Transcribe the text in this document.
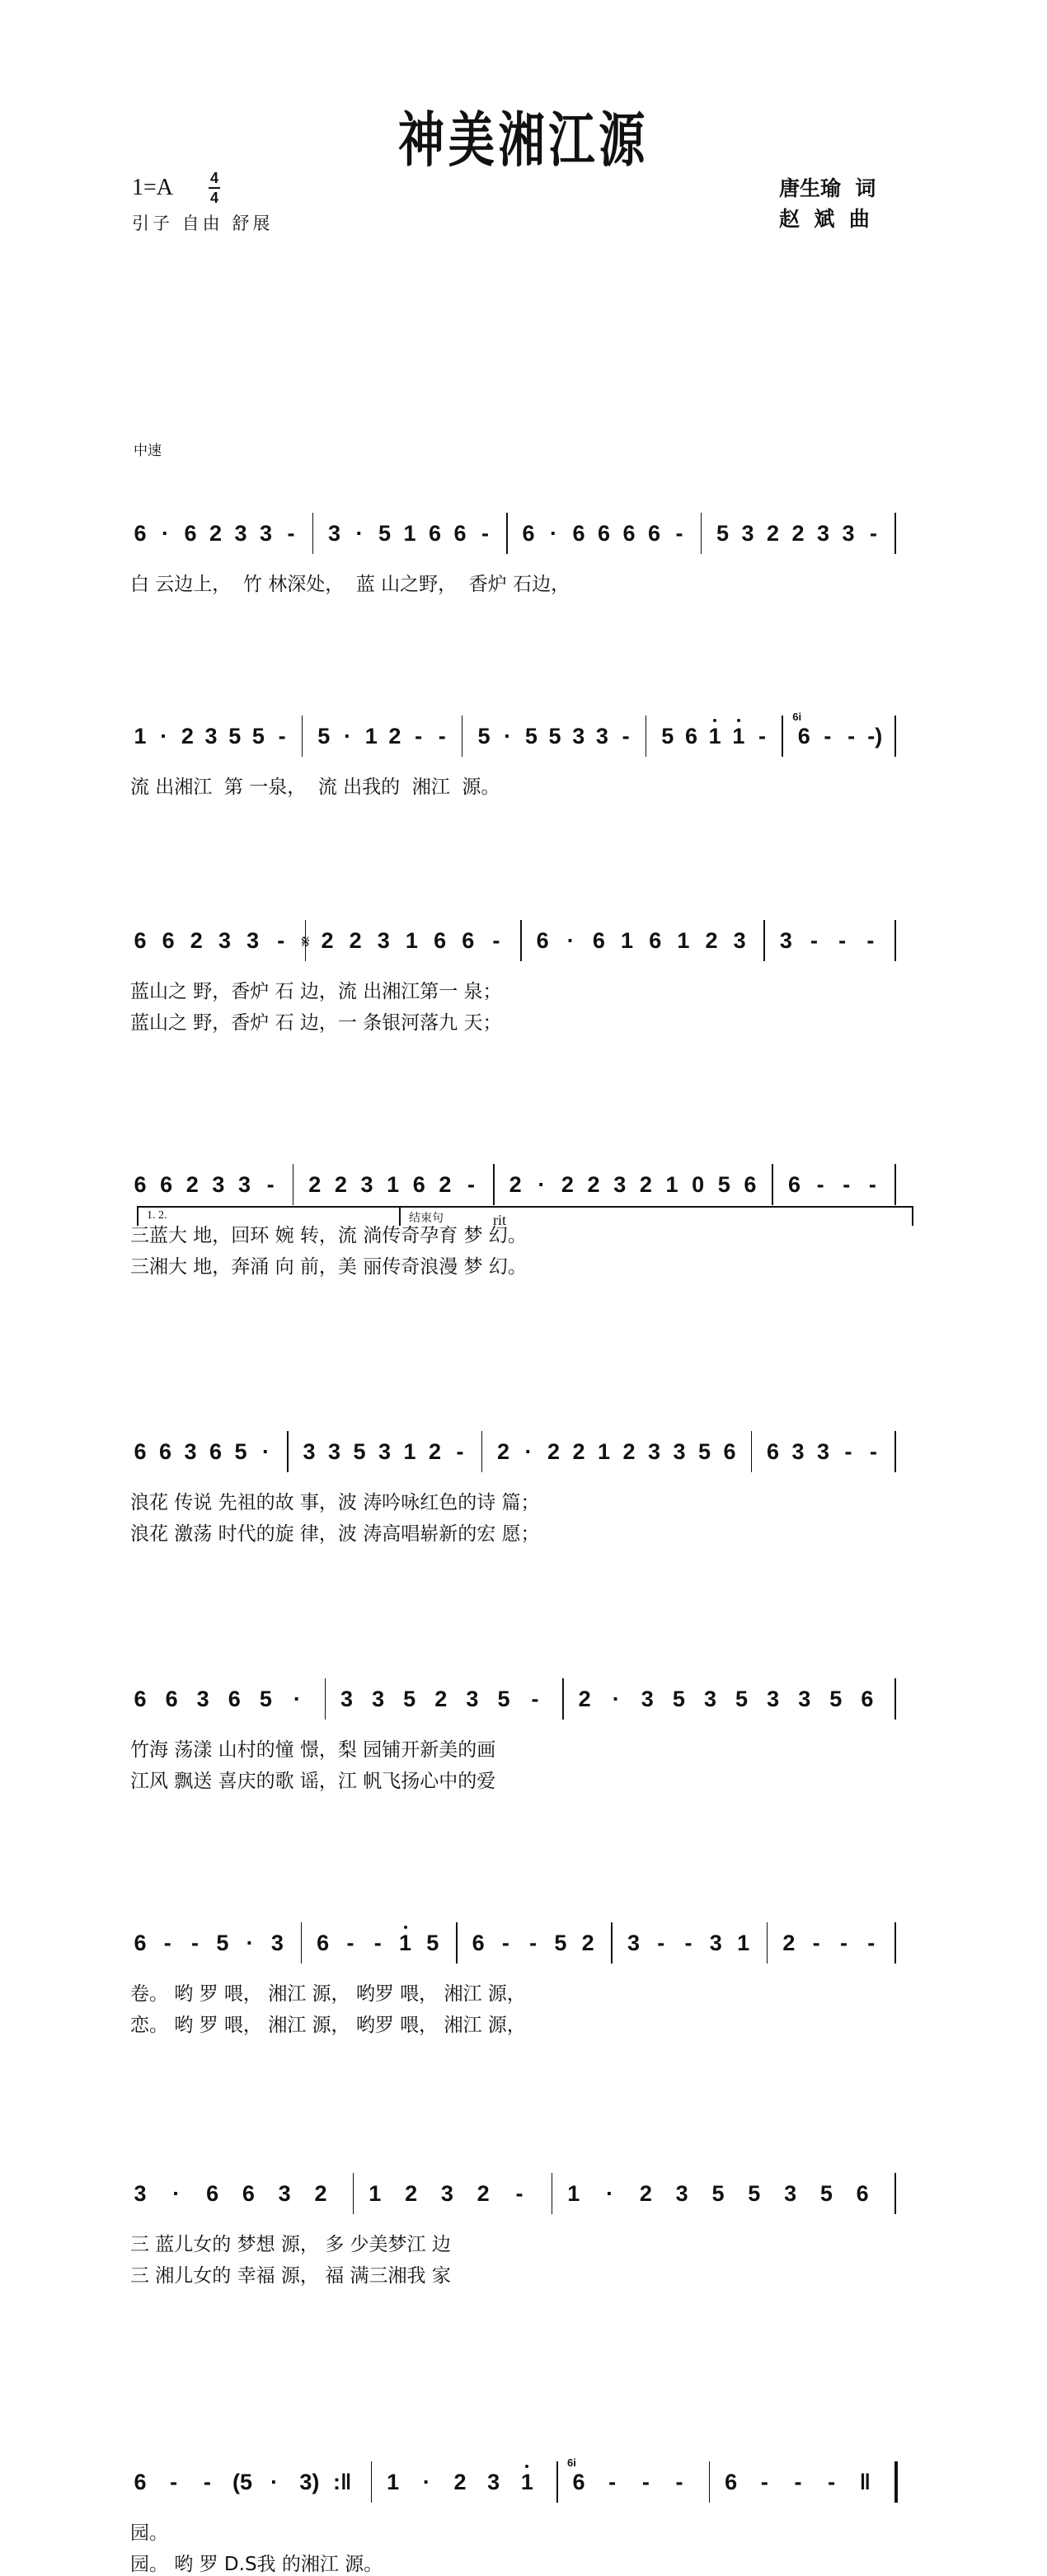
神美湘江源
1=A 4
4
引子 自由 舒展
唐生瑜  词
赵  斌  曲
6 · 6 2 3 3 - 3 · 5 1 6 6 - 6 · 6 6 6 6 - 5 3 2 2 3 3 -
白 云边上，  竹 林深处，  蓝 山之野，  香炉 石边，
1 · 2 3 5 5 - 5 · 1 2 - - 5 · 5 5 3 3 - 5 6 1 1 -
6i
6 - - -)
流 出湘江  第 一泉，  流 出我的  湘江  源。
6 6 2 3 3 - 2 2 3 1 6 6 - 6 · 6 1 6 1 2 3 3 - - -
蓝山之 野，香炉 石 边，流 出湘江第一 泉；
蓝山之 野，香炉 石 边，一 条银河落九 天；
6 6 2 3 3 - 2 2 3 1 6 2 - 2 · 2 2 3 2 1 0 5 6 6 - - -
三蓝大 地，回环 婉 转，流 淌传奇孕育 梦 幻。
三湘大 地，奔涌 向 前，美 丽传奇浪漫 梦 幻。
6 6 3 6 5 · 3 3 5 3 1 2 - 2 · 2 2 1 2 3 3 5 6 6 3 3 - -
浪花 传说 先祖的故 事，波 涛吟咏红色的诗 篇；
浪花 激荡 时代的旋 律，波 涛高唱崭新的宏 愿；
6 6 3 6 5 · 3 3 5 2 3 5 - 2 · 3 5 3 5 3 3 5 6
竹海 荡漾 山村的憧 憬，梨 园铺开新美的画
江风 飘送 喜庆的歌 谣，江 帆飞扬心中的爱
6 - - 5 · 3 6 - - 1 5 6 - - 5 2 3 - - 3 1 2 - - -
卷。 哟 罗 喂， 湘江 源， 哟罗 喂， 湘江 源，
恋。 哟 罗 喂， 湘江 源， 哟罗 喂， 湘江 源，
3 · 6 6 3 2 1 2 3 2 - 1 · 2 3 5 5 3 5 6
三 蓝儿女的 梦想 源， 多 少美梦江 边
三 湘儿女的 幸福 源， 福 满三湘我 家
6 - - (5 · 3) :‖ 1 · 2 3 1
6i
6 - - - 6 - - - ‖
园。
园。 哟 罗 D.S我 的湘江 源。
中速
𝄋
1. 2.	结束句	rit
